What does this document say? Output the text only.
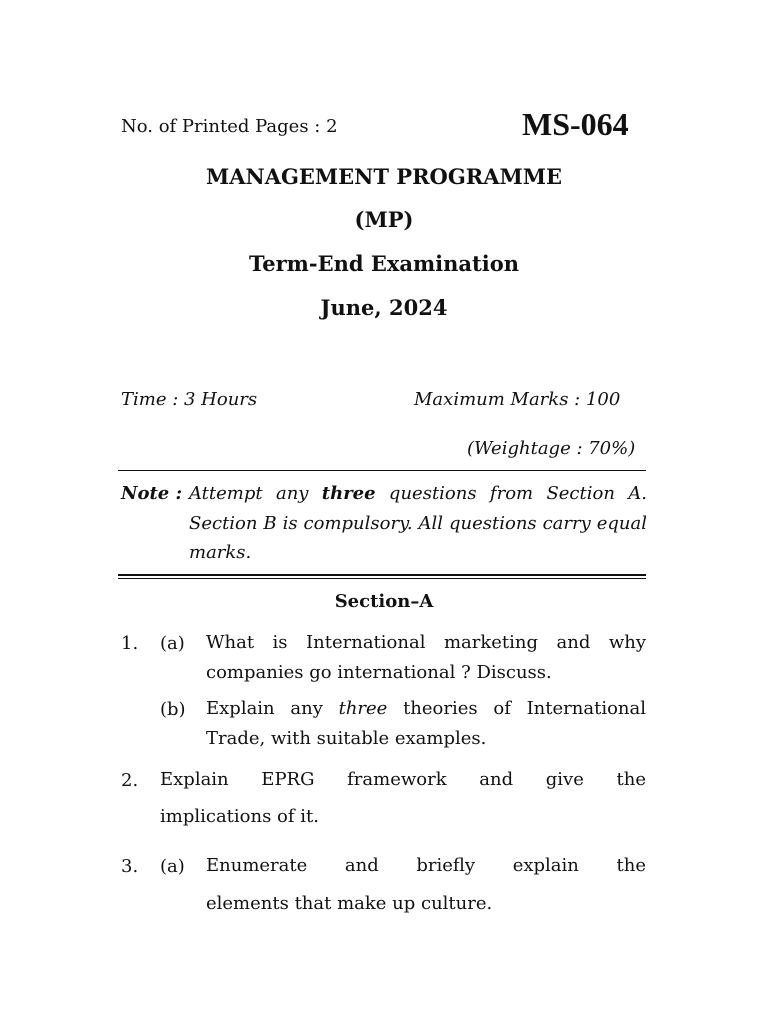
No. of Printed Pages : 2	MS-064
MANAGEMENT PROGRAMME
(MP)
Term-End Examination
June, 2024
Time : 3 Hours	Maximum Marks : 100
(Weightage : 70%)
Note : Attempt any three questions from Section A. Section B is compulsory. All questions carry equal marks.
Section–A
1. (a) What is International marketing and why companies go international ? Discuss.
(b) Explain any three theories of International Trade, with suitable examples.
2. Explain EPRG framework and give the
implications of it.
3. (a) Enumerate and briefly explain the
elements that make up culture.
